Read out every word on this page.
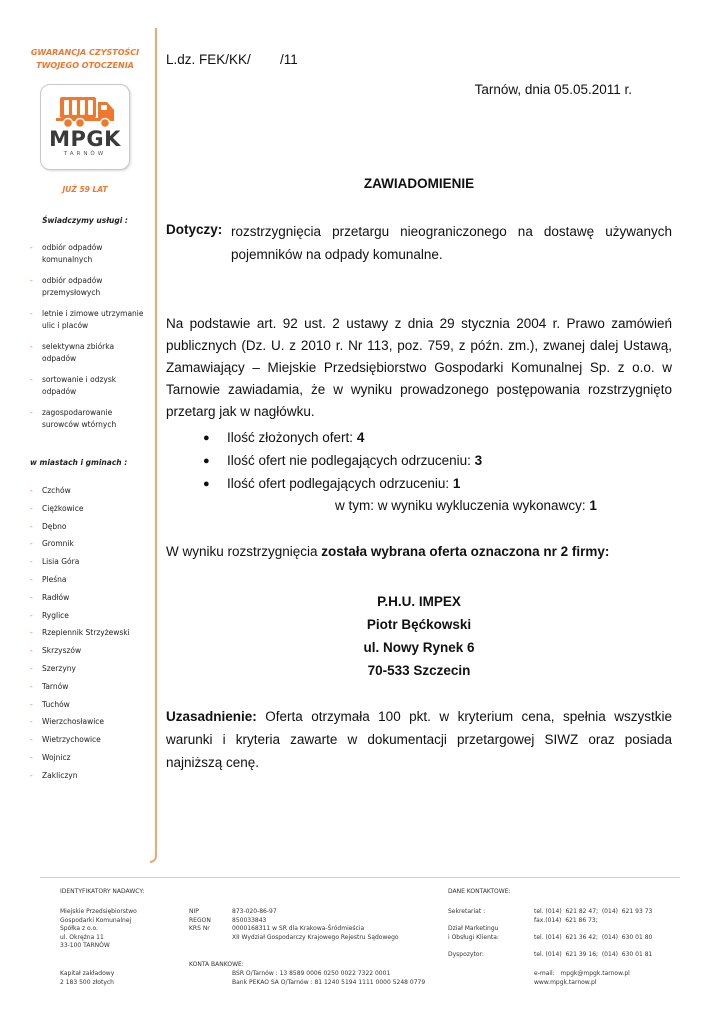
GWARANCJA CZYSTOŚCI
TWOJEGO OTOCZENIA
MPGK
TARNÓW
JUŻ 59 LAT
Świadczymy usługi :
- odbiór odpadów komunalnych
- odbiór odpadów przemysłowych
- letnie i zimowe utrzymanie ulic i placów
- selektywna zbiórka odpadów
- sortowanie i odzysk odpadów
- zagospodarowanie surowców wtórnych
w miastach i gminach :
- Czchów
- Ciężkowice
- Dębno
- Gromnik
- Lisia Góra
- Pleśna
- Radłów
- Ryglice
- Rzepiennik Strzyżewski
- Skrzyszów
- Szerzyny
- Tarnów
- Tuchów
- Wierzchosławice
- Wietrzychowice
- Wojnicz
- Zakliczyn
L.dz. FEK/KK/ /11
Tarnów, dnia 05.05.2011 r.
ZAWIADOMIENIE
Dotyczy: rozstrzygnięcia przetargu nieograniczonego na dostawę używanych pojemników na odpady komunalne.
Na podstawie art. 92 ust. 2 ustawy z dnia 29 stycznia 2004 r. Prawo zamówień publicznych (Dz. U. z 2010 r. Nr 113, poz. 759, z późn. zm.), zwanej dalej Ustawą, Zamawiający – Miejskie Przedsiębiorstwo Gospodarki Komunalnej Sp. z o.o. w Tarnowie zawiadamia, że w wyniku prowadzonego postępowania rozstrzygnięto przetarg jak w nagłówku.
● Ilość złożonych ofert: 4
● Ilość ofert nie podlegających odrzuceniu: 3
● Ilość ofert podlegających odrzuceniu: 1
w tym: w wyniku wykluczenia wykonawcy: 1
W wyniku rozstrzygnięcia została wybrana oferta oznaczona nr 2 firmy:
P.H.U. IMPEX
Piotr Bęćkowski
ul. Nowy Rynek 6
70-533 Szczecin
Uzasadnienie: Oferta otrzymała 100 pkt. w kryterium cena, spełnia wszystkie warunki i kryteria zawarte w dokumentacji przetargowej SIWZ oraz posiada najniższą cenę.
IDENTYFIKATORY NADAWCY:	DANE KONTAKTOWE:
Miejskie Przedsiębiorstwo
Gospodarki Komunalnej
Spółka z o.o.
ul. Okrężna 11
33-100 TARNÓW
NIP
REGON
KRS Nr
873-020-86-97
850033843
0000168311 w SR dla Krakowa-Śródmieścia
XII Wydział Gospodarczy Krajowego Rejestru Sądowego
Sekretariat :

Dział Marketingu
i Obsługi Klienta:

Dyspozytor:
tel. (014)  621 82 47;  (014)  621 93 73
fax.(014)  621 86 73;

tel. (014)  621 36 42;  (014)  630 01 80

tel. (014)  621 39 16;  (014)  630 01 81
KONTA BANKOWE:
Kapitał zakładowy
2 183 500 złotych
BSR O/Tarnów : 13 8589 0006 0250 0022 7322 0001
Bank PEKAO SA O/Tarnów : 81 1240 5194 1111 0000 5248 0779
e-mail:   mpgk@mpgk.tarnow.pl
www.mpgk.tarnow.pl
